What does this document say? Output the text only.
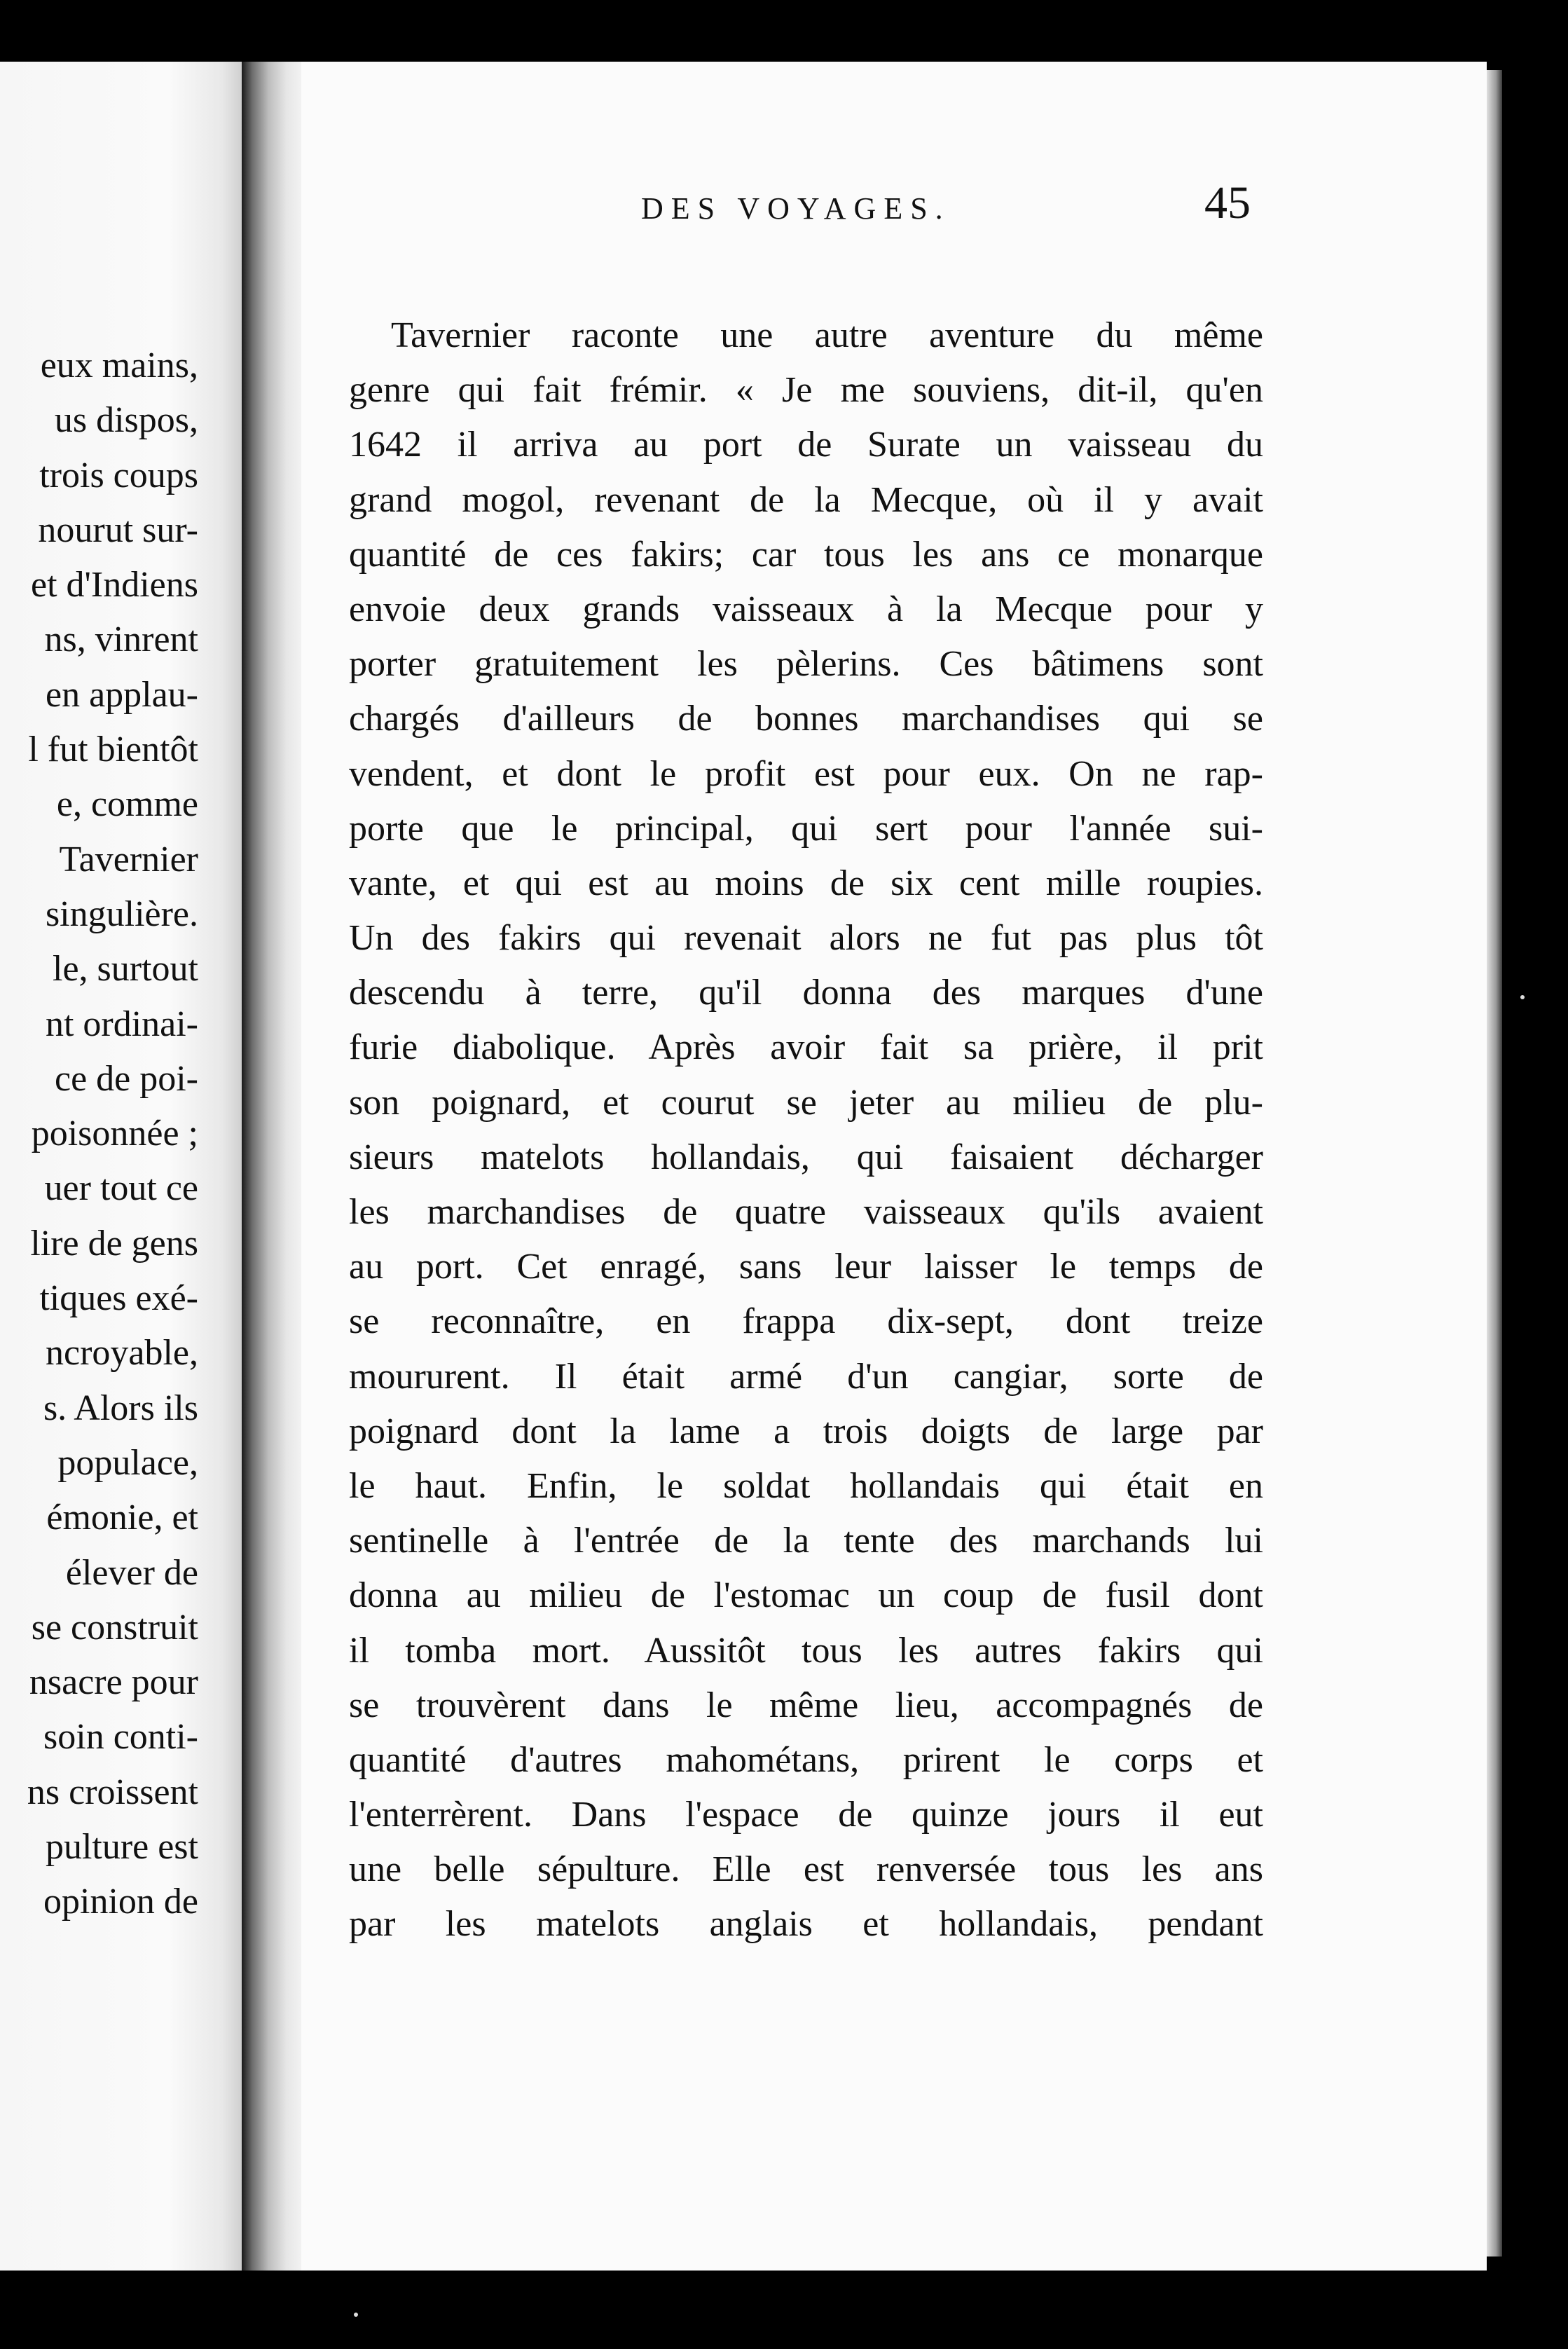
eux mains,
us dispos,
trois coups
nourut sur-
et d'Indiens
ns, vinrent
en applau-
l fut bientôt
e, comme
Tavernier
singulière.
le, surtout
nt ordinai-
ce de poi-
poisonnée ;
uer tout ce
lire de gens
tiques exé-
ncroyable,
s. Alors ils
populace,
émonie, et
élever de
se construit
nsacre pour
soin conti-
ns croissent
pulture est
opinion de
DES VOYAGES.	45
Tavernier raconte une autre aventure du même
genre qui fait frémir. « Je me souviens, dit-il, qu'en
1642 il arriva au port de Surate un vaisseau du
grand mogol, revenant de la Mecque, où il y avait
quantité de ces fakirs; car tous les ans ce monarque
envoie deux grands vaisseaux à la Mecque pour y
porter gratuitement les pèlerins. Ces bâtimens sont
chargés d'ailleurs de bonnes marchandises qui se
vendent, et dont le profit est pour eux. On ne rap-
porte que le principal, qui sert pour l'année sui-
vante, et qui est au moins de six cent mille roupies.
Un des fakirs qui revenait alors ne fut pas plus tôt
descendu à terre, qu'il donna des marques d'une
furie diabolique. Après avoir fait sa prière, il prit
son poignard, et courut se jeter au milieu de plu-
sieurs matelots hollandais, qui faisaient décharger
les marchandises de quatre vaisseaux qu'ils avaient
au port. Cet enragé, sans leur laisser le temps de
se reconnaître, en frappa dix-sept, dont treize
moururent. Il était armé d'un cangiar, sorte de
poignard dont la lame a trois doigts de large par
le haut. Enfin, le soldat hollandais qui était en
sentinelle à l'entrée de la tente des marchands lui
donna au milieu de l'estomac un coup de fusil dont
il tomba mort. Aussitôt tous les autres fakirs qui
se trouvèrent dans le même lieu, accompagnés de
quantité d'autres mahométans, prirent le corps et
l'enterrèrent. Dans l'espace de quinze jours il eut
une belle sépulture. Elle est renversée tous les ans
par les matelots anglais et hollandais, pendant
